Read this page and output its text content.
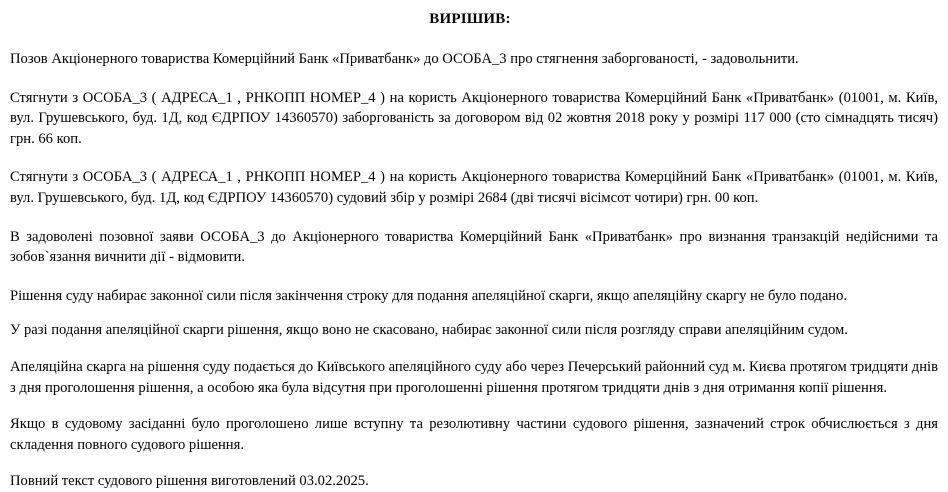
ВИРІШИВ:

Позов Акціонерного товариства Комерційний Банк «Приватбанк» до ОСОБА_3 про стягнення заборгованості, - задовольнити.

Стягнути з ОСОБА_3 ( АДРЕСА_1 , РНКОПП НОМЕР_4 ) на користь Акціонерного товариства Комерційний Банк «Приватбанк» (01001, м. Київ, вул. Грушевського, буд. 1Д, код ЄДРПОУ 14360570) заборгованість за договором від 02 жовтня 2018 року у розмірі 117 000 (сто сімнадцять тисяч) грн. 66 коп.

Стягнути з ОСОБА_3 ( АДРЕСА_1 , РНКОПП НОМЕР_4 ) на користь Акціонерного товариства Комерційний Банк «Приватбанк» (01001, м. Київ, вул. Грушевського, буд. 1Д, код ЄДРПОУ 14360570) судовий збір у розмірі 2684 (дві тисячі вісімсот чотири) грн. 00 коп.

В задоволені позовної заяви ОСОБА_3 до Акціонерного товариства Комерційний Банк «Приватбанк» про визнання транзакцій недійсними та зобов`язання вичнити дії - відмовити.

Рішення суду набирає законної сили після закінчення строку для подання апеляційної скарги, якщо апеляційну скаргу не було подано.

У разі подання апеляційної скарги рішення, якщо воно не скасовано, набирає законної сили після розгляду справи апеляційним судом.

Апеляційна скарга на рішення суду подається до Київського апеляційного суду або через Печерський районний суд м. Києва протягом тридцяти днів з дня проголошення рішення, а особою яка була відсутня при проголошенні рішення протягом тридцяти днів з дня отримання копії рішення.

Якщо в судовому засіданні було проголошено лише вступну та резолютивну частини судового рішення, зазначений строк обчислюється з дня складення повного судового рішення.

Повний текст судового рішення виготовлений 03.02.2025.
